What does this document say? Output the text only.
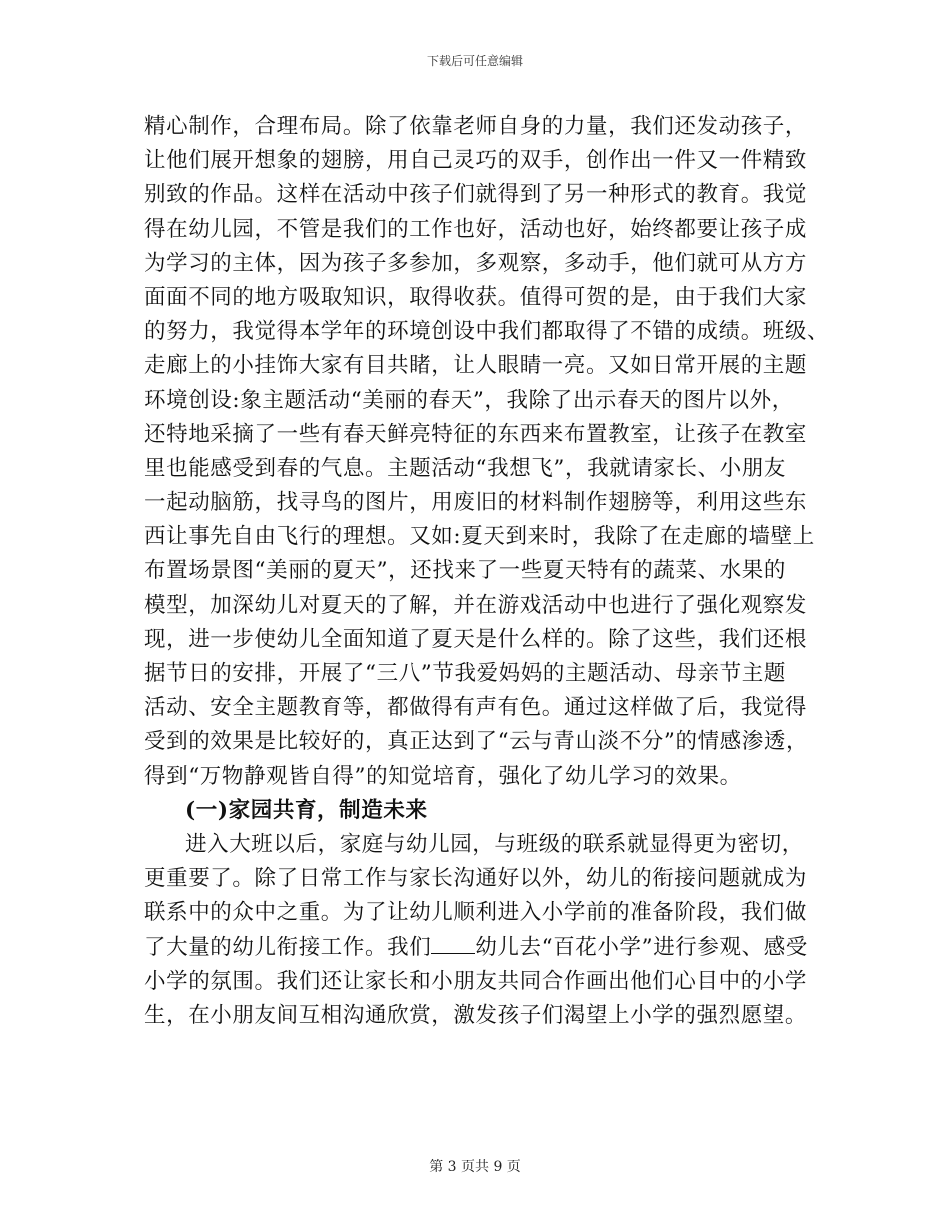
下载后可任意编辑
精心制作，合理布局。除了依靠老师自身的力量，我们还发动孩子，
让他们展开想象的翅膀，用自己灵巧的双手，创作出一件又一件精致
别致的作品。这样在活动中孩子们就得到了另一种形式的教育。我觉
得在幼儿园，不管是我们的工作也好，活动也好，始终都要让孩子成
为学习的主体，因为孩子多参加，多观察，多动手，他们就可从方方
面面不同的地方吸取知识，取得收获。值得可贺的是，由于我们大家
的努力，我觉得本学年的环境创设中我们都取得了不错的成绩。班级、
走廊上的小挂饰大家有目共睹，让人眼睛一亮。又如日常开展的主题
环境创设:象主题活动“美丽的春天”，我除了出示春天的图片以外，
还特地采摘了一些有春天鲜亮特征的东西来布置教室，让孩子在教室
里也能感受到春的气息。主题活动“我想飞”，我就请家长、小朋友
一起动脑筋，找寻鸟的图片，用废旧的材料制作翅膀等，利用这些东
西让事先自由飞行的理想。又如:夏天到来时，我除了在走廊的墙壁上
布置场景图“美丽的夏天”，还找来了一些夏天特有的蔬菜、水果的
模型，加深幼儿对夏天的了解，并在游戏活动中也进行了强化观察发
现，进一步使幼儿全面知道了夏天是什么样的。除了这些，我们还根
据节日的安排，开展了“三八”节我爱妈妈的主题活动、母亲节主题
活动、安全主题教育等，都做得有声有色。通过这样做了后，我觉得
受到的效果是比较好的，真正达到了“云与青山淡不分”的情感渗透，
得到“万物静观皆自得”的知觉培育，强化了幼儿学习的效果。
(一)家园共育，制造未来
进入大班以后，家庭与幼儿园，与班级的联系就显得更为密切，
更重要了。除了日常工作与家长沟通好以外，幼儿的衔接问题就成为
联系中的众中之重。为了让幼儿顺利进入小学前的准备阶段，我们做
了大量的幼儿衔接工作。我们 幼儿去“百花小学”进行参观、感受
小学的氛围。我们还让家长和小朋友共同合作画出他们心目中的小学
生，在小朋友间互相沟通欣赏，激发孩子们渴望上小学的强烈愿望。
第 3 页共 9 页
